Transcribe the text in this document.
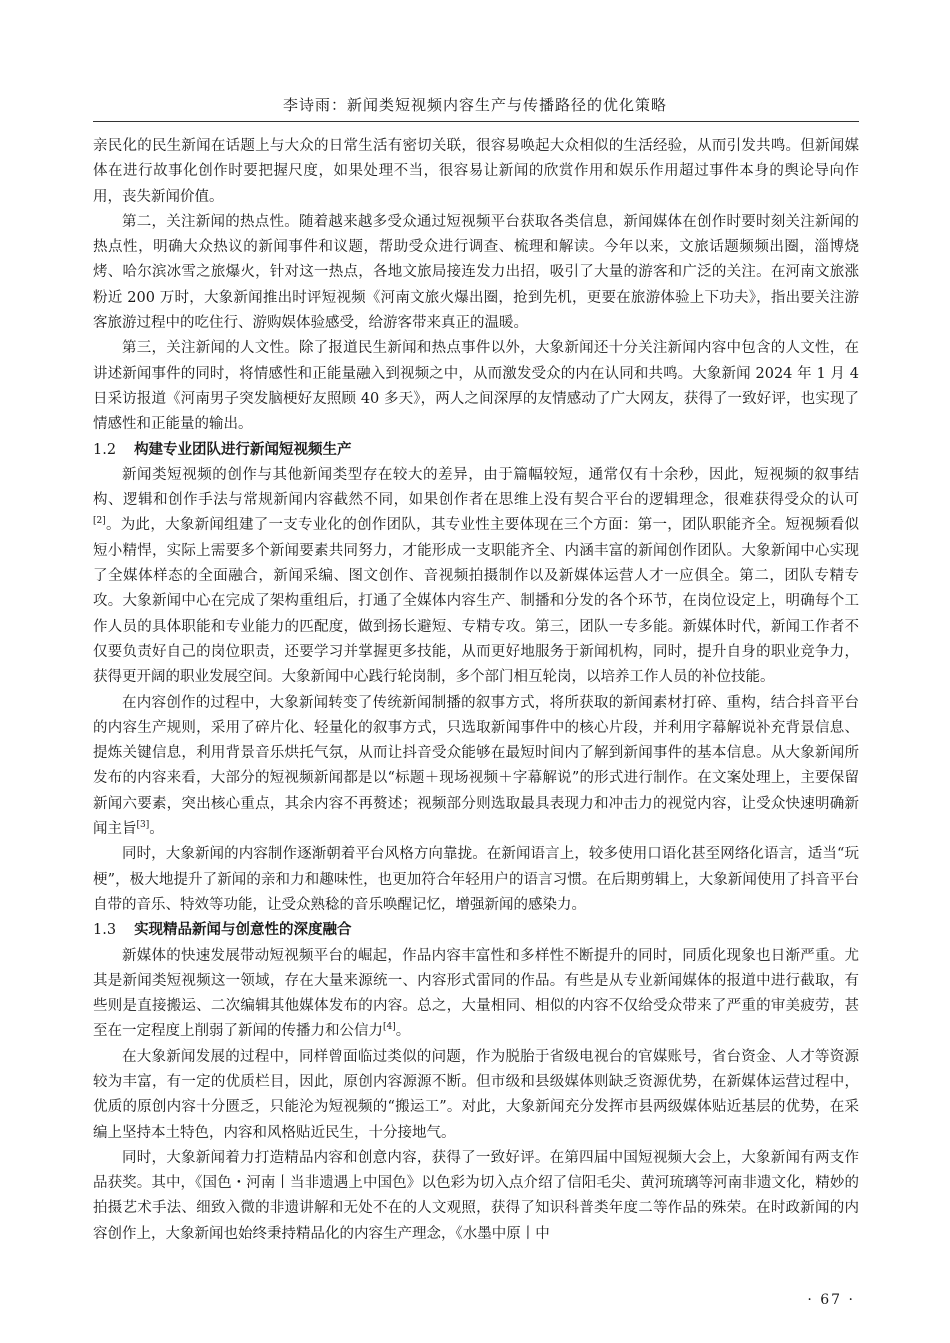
李诗雨：新闻类短视频内容生产与传播路径的优化策略

亲民化的民生新闻在话题上与大众的日常生活有密切关联，很容易唤起大众相似的生活经验，从而引发共鸣。但新闻媒体在进行故事化创作时要把握尺度，如果处理不当，很容易让新闻的欣赏作用和娱乐作用超过事件本身的舆论导向作用，丧失新闻价值。

第二，关注新闻的热点性。随着越来越多受众通过短视频平台获取各类信息，新闻媒体在创作时要时刻关注新闻的热点性，明确大众热议的新闻事件和议题，帮助受众进行调查、梳理和解读。今年以来，文旅话题频频出圈，淄博烧烤、哈尔滨冰雪之旅爆火，针对这一热点，各地文旅局接连发力出招，吸引了大量的游客和广泛的关注。在河南文旅涨粉近 200 万时，大象新闻推出时评短视频《河南文旅火爆出圈，抢到先机，更要在旅游体验上下功夫》，指出要关注游客旅游过程中的吃住行、游购娱体验感受，给游客带来真正的温暖。

第三，关注新闻的人文性。除了报道民生新闻和热点事件以外，大象新闻还十分关注新闻内容中包含的人文性，在讲述新闻事件的同时，将情感性和正能量融入到视频之中，从而激发受众的内在认同和共鸣。大象新闻 2024 年 1 月 4 日采访报道《河南男子突发脑梗好友照顾 40 多天》，两人之间深厚的友情感动了广大网友，获得了一致好评，也实现了情感性和正能量的输出。

1.2 构建专业团队进行新闻短视频生产

新闻类短视频的创作与其他新闻类型存在较大的差异，由于篇幅较短，通常仅有十余秒，因此，短视频的叙事结构、逻辑和创作手法与常规新闻内容截然不同，如果创作者在思维上没有契合平台的逻辑理念，很难获得受众的认可[2]。为此，大象新闻组建了一支专业化的创作团队，其专业性主要体现在三个方面：第一，团队职能齐全。短视频看似短小精悍，实际上需要多个新闻要素共同努力，才能形成一支职能齐全、内涵丰富的新闻创作团队。大象新闻中心实现了全媒体样态的全面融合，新闻采编、图文创作、音视频拍摄制作以及新媒体运营人才一应俱全。第二，团队专精专攻。大象新闻中心在完成了架构重组后，打通了全媒体内容生产、制播和分发的各个环节，在岗位设定上，明确每个工作人员的具体职能和专业能力的匹配度，做到扬长避短、专精专攻。第三，团队一专多能。新媒体时代，新闻工作者不仅要负责好自己的岗位职责，还要学习并掌握更多技能，从而更好地服务于新闻机构，同时，提升自身的职业竞争力，获得更开阔的职业发展空间。大象新闻中心践行轮岗制，多个部门相互轮岗，以培养工作人员的补位技能。

在内容创作的过程中，大象新闻转变了传统新闻制播的叙事方式，将所获取的新闻素材打碎、重构，结合抖音平台的内容生产规则，采用了碎片化、轻量化的叙事方式，只选取新闻事件中的核心片段，并利用字幕解说补充背景信息、提炼关键信息，利用背景音乐烘托气氛，从而让抖音受众能够在最短时间内了解到新闻事件的基本信息。从大象新闻所发布的内容来看，大部分的短视频新闻都是以“标题＋现场视频＋字幕解说”的形式进行制作。在文案处理上，主要保留新闻六要素，突出核心重点，其余内容不再赘述；视频部分则选取最具表现力和冲击力的视觉内容，让受众快速明确新闻主旨[3]。

同时，大象新闻的内容制作逐渐朝着平台风格方向靠拢。在新闻语言上，较多使用口语化甚至网络化语言，适当“玩梗”，极大地提升了新闻的亲和力和趣味性，也更加符合年轻用户的语言习惯。在后期剪辑上，大象新闻使用了抖音平台自带的音乐、特效等功能，让受众熟稔的音乐唤醒记忆，增强新闻的感染力。

1.3 实现精品新闻与创意性的深度融合

新媒体的快速发展带动短视频平台的崛起，作品内容丰富性和多样性不断提升的同时，同质化现象也日渐严重。尤其是新闻类短视频这一领域，存在大量来源统一、内容形式雷同的作品。有些是从专业新闻媒体的报道中进行截取，有些则是直接搬运、二次编辑其他媒体发布的内容。总之，大量相同、相似的内容不仅给受众带来了严重的审美疲劳，甚至在一定程度上削弱了新闻的传播力和公信力[4]。

在大象新闻发展的过程中，同样曾面临过类似的问题，作为脱胎于省级电视台的官媒账号，省台资金、人才等资源较为丰富，有一定的优质栏目，因此，原创内容源源不断。但市级和县级媒体则缺乏资源优势，在新媒体运营过程中，优质的原创内容十分匮乏，只能沦为短视频的“搬运工”。对此，大象新闻充分发挥市县两级媒体贴近基层的优势，在采编上坚持本土特色，内容和风格贴近民生，十分接地气。

同时，大象新闻着力打造精品内容和创意内容，获得了一致好评。在第四届中国短视频大会上，大象新闻有两支作品获奖。其中，《国色・河南丨当非遗遇上中国色》以色彩为切入点介绍了信阳毛尖、黄河琉璃等河南非遗文化，精妙的拍摄艺术手法、细致入微的非遗讲解和无处不在的人文观照，获得了知识科普类年度二等作品的殊荣。在时政新闻的内容创作上，大象新闻也始终秉持精品化的内容生产理念，《水墨中原丨中

· 67 ·
